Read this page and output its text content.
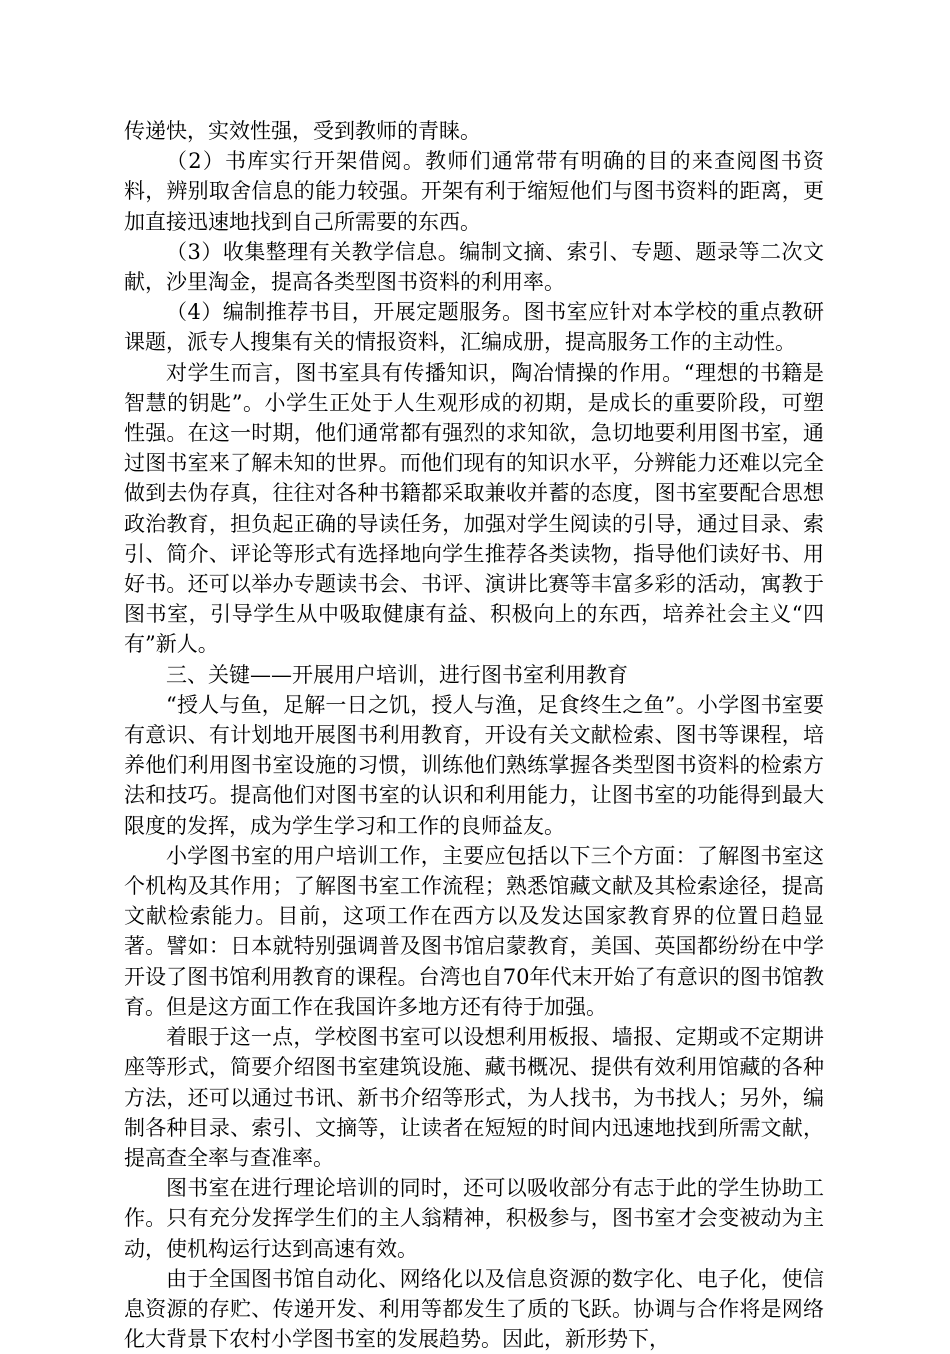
传递快，实效性强，受到教师的青睐。

（2）书库实行开架借阅。教师们通常带有明确的目的来查阅图书资料，辨别取舍信息的能力较强。开架有利于缩短他们与图书资料的距离，更加直接迅速地找到自己所需要的东西。

（3）收集整理有关教学信息。编制文摘、索引、专题、题录等二次文献，沙里淘金，提高各类型图书资料的利用率。

（4）编制推荐书目，开展定题服务。图书室应针对本学校的重点教研课题，派专人搜集有关的情报资料，汇编成册，提高服务工作的主动性。

对学生而言，图书室具有传播知识，陶冶情操的作用。“理想的书籍是智慧的钥匙”。小学生正处于人生观形成的初期，是成长的重要阶段，可塑性强。在这一时期，他们通常都有强烈的求知欲，急切地要利用图书室，通过图书室来了解未知的世界。而他们现有的知识水平，分辨能力还难以完全做到去伪存真，往往对各种书籍都采取兼收并蓄的态度，图书室要配合思想政治教育，担负起正确的导读任务，加强对学生阅读的引导，通过目录、索引、简介、评论等形式有选择地向学生推荐各类读物，指导他们读好书、用好书。还可以举办专题读书会、书评、演讲比赛等丰富多彩的活动，寓教于图书室，引导学生从中吸取健康有益、积极向上的东西，培养社会主义“四有”新人。

三、关键——开展用户培训，进行图书室利用教育

“授人与鱼，足解一日之饥，授人与渔，足食终生之鱼”。小学图书室要有意识、有计划地开展图书利用教育，开设有关文献检索、图书等课程，培养他们利用图书室设施的习惯，训练他们熟练掌握各类型图书资料的检索方法和技巧。提高他们对图书室的认识和利用能力，让图书室的功能得到最大限度的发挥，成为学生学习和工作的良师益友。

小学图书室的用户培训工作，主要应包括以下三个方面：了解图书室这个机构及其作用；了解图书室工作流程；熟悉馆藏文献及其检索途径，提高文献检索能力。目前，这项工作在西方以及发达国家教育界的位置日趋显著。譬如：日本就特别强调普及图书馆启蒙教育，美国、英国都纷纷在中学开设了图书馆利用教育的课程。台湾也自70年代末开始了有意识的图书馆教育。但是这方面工作在我国许多地方还有待于加强。

着眼于这一点，学校图书室可以设想利用板报、墙报、定期或不定期讲座等形式，简要介绍图书室建筑设施、藏书概况、提供有效利用馆藏的各种方法，还可以通过书讯、新书介绍等形式，为人找书，为书找人；另外，编制各种目录、索引、文摘等，让读者在短短的时间内迅速地找到所需文献，提高查全率与查准率。

图书室在进行理论培训的同时，还可以吸收部分有志于此的学生协助工作。只有充分发挥学生们的主人翁精神，积极参与，图书室才会变被动为主动，使机构运行达到高速有效。

由于全国图书馆自动化、网络化以及信息资源的数字化、电子化，使信息资源的存贮、传递开发、利用等都发生了质的飞跃。协调与合作将是网络化大背景下农村小学图书室的发展趋势。因此，新形势下，
